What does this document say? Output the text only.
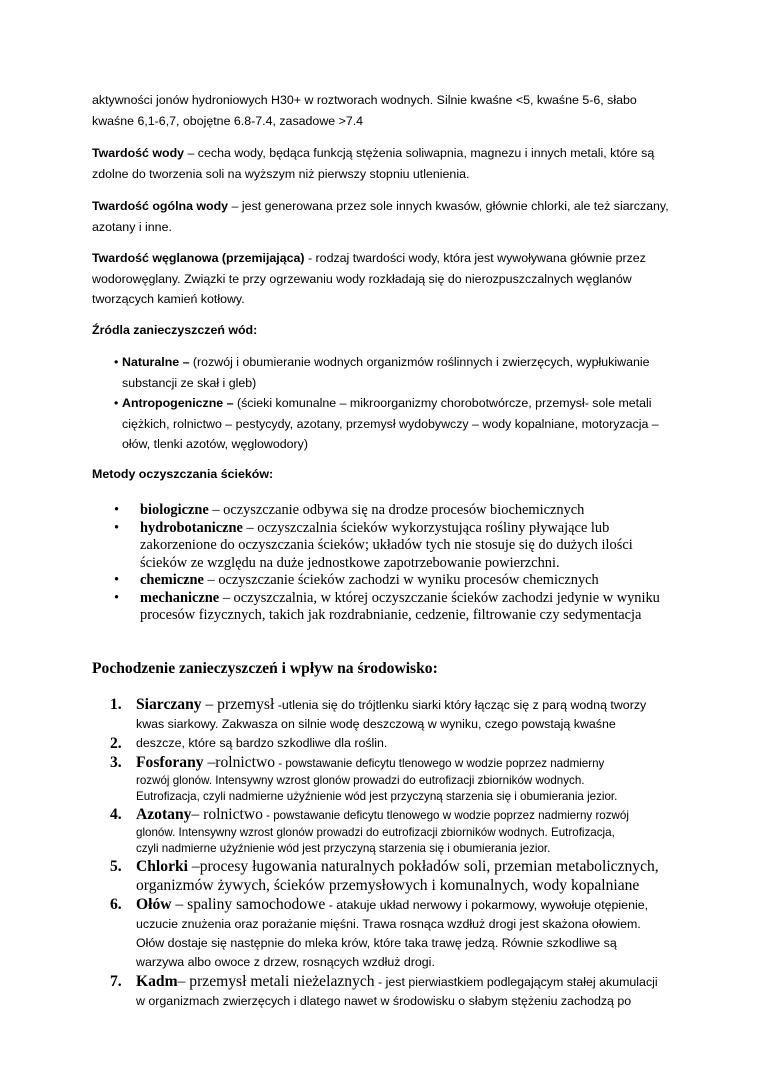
aktywności jonów hydroniowych H30+ w roztworach wodnych. Silnie kwaśne <5, kwaśne 5-6, słabo
kwaśne 6,1-6,7, obojętne 6.8-7.4, zasadowe >7.4

Twardość wody – cecha wody, będąca funkcją stężenia soliwapnia, magnezu i innych metali, które są zdolne do tworzenia soli na wyższym niż pierwszy stopniu utlenienia.

Twardość ogólna wody – jest generowana przez sole innych kwasów, głównie chlorki, ale też siarczany, azotany i inne.

Twardość węglanowa (przemijająca) - rodzaj twardości wody, która jest wywoływana głównie przez wodorowęglany. Związki te przy ogrzewaniu wody rozkładają się do nierozpuszczalnych węglanów tworzących kamień kotłowy.

Źródla zanieczyszczeń wód:

• Naturalne – (rozwój i obumieranie wodnych organizmów roślinnych i zwierzęcych, wypłukiwanie substancji ze skał i gleb)
• Antropogeniczne – (ścieki komunalne – mikroorganizmy chorobotwórcze, przemysł- sole metali ciężkich, rolnictwo – pestycydy, azotany, przemysł wydobywczy – wody kopalniane, motoryzacja – ołów, tlenki azotów, węglowodory)

Metody oczyszczania ścieków:

• biologiczne – oczyszczanie odbywa się na drodze procesów biochemicznych
• hydrobotaniczne – oczyszczalnia ścieków wykorzystująca rośliny pływające lub zakorzenione do oczyszczania ścieków; układów tych nie stosuje się do dużych ilości ścieków ze względu na duże jednostkowe zapotrzebowanie powierzchni.
• chemiczne – oczyszczanie ścieków zachodzi w wyniku procesów chemicznych
• mechaniczne – oczyszczalnia, w której oczyszczanie ścieków zachodzi jedynie w wyniku procesów fizycznych, takich jak rozdrabnianie, cedzenie, filtrowanie czy sedymentacja
Pochodzenie zanieczyszczeń i wpływ na środowisko:
1. Siarczany – przemysł -utlenia się do trójtlenku siarki który łącząc się z parą wodną tworzy
kwas siarkowy. Zakwasza on silnie wodę deszczową w wyniku, czego powstają kwaśne
2. deszcze, które są bardzo szkodliwe dla roślin.
3. Fosforany –rolnictwo - powstawanie deficytu tlenowego w wodzie poprzez nadmierny
rozwój glonów. Intensywny wzrost glonów prowadzi do eutrofizacji zbiorników wodnych.
Eutrofizacja, czyli nadmierne użyźnienie wód jest przyczyną starzenia się i obumierania jezior.
4. Azotany– rolnictwo - powstawanie deficytu tlenowego w wodzie poprzez nadmierny rozwój
glonów. Intensywny wzrost glonów prowadzi do eutrofizacji zbiorników wodnych. Eutrofizacja,
czyli nadmierne użyźnienie wód jest przyczyną starzenia się i obumierania jezior.
5. Chlorki –procesy ługowania naturalnych pokładów soli, przemian metabolicznych,
organizmów żywych, ścieków przemysłowych i komunalnych, wody kopalniane
6. Ołów – spaliny samochodowe - atakuje układ nerwowy i pokarmowy, wywołuje otępienie,
uczucie znużenia oraz porażanie mięśni. Trawa rosnąca wzdłuż drogi jest skażona ołowiem.
Ołów dostaje się następnie do mleka krów, które taka trawę jedzą. Równie szkodliwe są
warzywa albo owoce z drzew, rosnących wzdłuż drogi.
7. Kadm– przemysł metali nieżelaznych - jest pierwiastkiem podlegającym stałej akumulacji
w organizmach zwierzęcych i dlatego nawet w środowisku o słabym stężeniu zachodzą po
